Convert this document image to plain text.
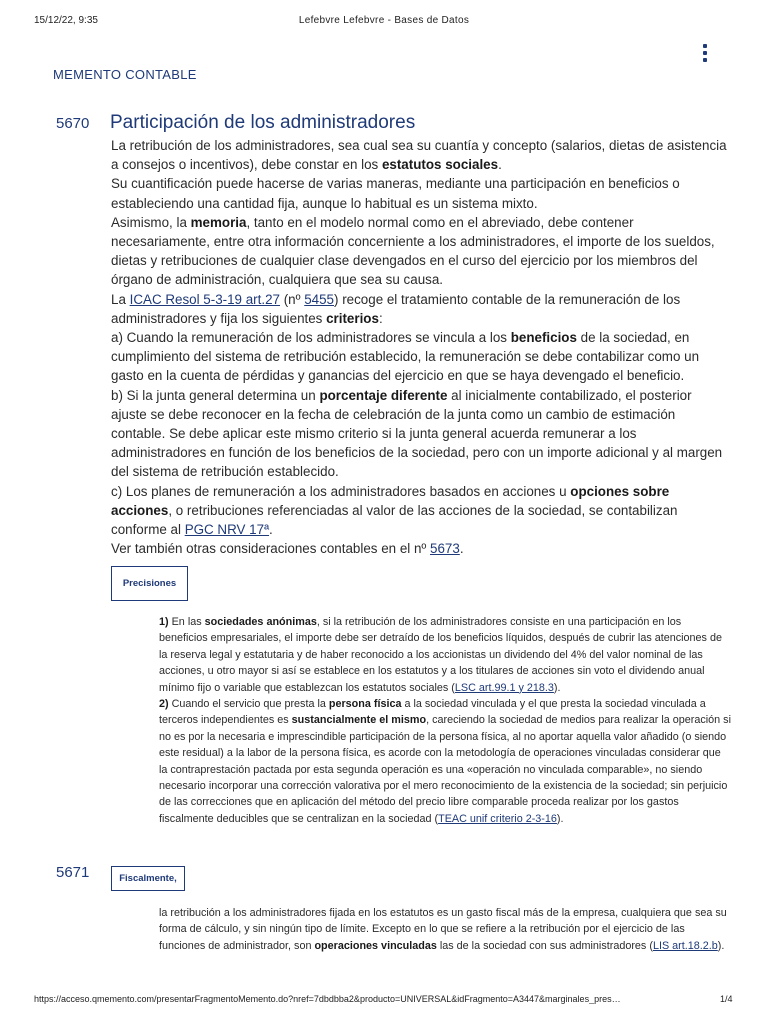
15/12/22, 9:35	Lefebvre Lefebvre - Bases de Datos
MEMENTO CONTABLE
5670 Participación de los administradores

La retribución de los administradores, sea cual sea su cuantía y concepto (salarios, dietas de asistencia a consejos o incentivos), debe constar en los estatutos sociales.

Su cuantificación puede hacerse de varias maneras, mediante una participación en beneficios o estableciendo una cantidad fija, aunque lo habitual es un sistema mixto.

Asimismo, la memoria, tanto en el modelo normal como en el abreviado, debe contener necesariamente, entre otra información concerniente a los administradores, el importe de los sueldos, dietas y retribuciones de cualquier clase devengados en el curso del ejercicio por los miembros del órgano de administración, cualquiera que sea su causa.

La ICAC Resol 5-3-19 art.27 (nº 5455) recoge el tratamiento contable de la remuneración de los administradores y fija los siguientes criterios:

a) Cuando la remuneración de los administradores se vincula a los beneficios de la sociedad, en cumplimiento del sistema de retribución establecido, la remuneración se debe contabilizar como un gasto en la cuenta de pérdidas y ganancias del ejercicio en que se haya devengado el beneficio.

b) Si la junta general determina un porcentaje diferente al inicialmente contabilizado, el posterior ajuste se debe reconocer en la fecha de celebración de la junta como un cambio de estimación contable. Se debe aplicar este mismo criterio si la junta general acuerda remunerar a los administradores en función de los beneficios de la sociedad, pero con un importe adicional y al margen del sistema de retribución establecido.

c) Los planes de remuneración a los administradores basados en acciones u opciones sobre acciones, o retribuciones referenciadas al valor de las acciones de la sociedad, se contabilizan conforme al PGC NRV 17ª.

Ver también otras consideraciones contables en el nº 5673.

Precisiones

1) En las sociedades anónimas, si la retribución de los administradores consiste en una participación en los beneficios empresariales, el importe debe ser detraído de los beneficios líquidos, después de cubrir las atenciones de la reserva legal y estatutaria y de haber reconocido a los accionistas un dividendo del 4% del valor nominal de las acciones, u otro mayor si así se establece en los estatutos y a los titulares de acciones sin voto el dividendo anual mínimo fijo o variable que establezcan los estatutos sociales (LSC art.99.1 y 218.3).

2) Cuando el servicio que presta la persona física a la sociedad vinculada y el que presta la sociedad vinculada a terceros independientes es sustancialmente el mismo, careciendo la sociedad de medios para realizar la operación si no es por la necesaria e imprescindible participación de la persona física, al no aportar aquella valor añadido (o siendo este residual) a la labor de la persona física, es acorde con la metodología de operaciones vinculadas considerar que la contraprestación pactada por esta segunda operación es una «operación no vinculada comparable», no siendo necesario incorporar una corrección valorativa por el mero reconocimiento de la existencia de la sociedad; sin perjuicio de las correcciones que en aplicación del método del precio libre comparable proceda realizar por los gastos fiscalmente deducibles que se centralizan en la sociedad (TEAC unif criterio 2-3-16).

5671	Fiscalmente,

la retribución a los administradores fijada en los estatutos es un gasto fiscal más de la empresa, cualquiera que sea su forma de cálculo, y sin ningún tipo de límite. Excepto en lo que se refiere a la retribución por el ejercicio de las funciones de administrador, son operaciones vinculadas las de la sociedad con sus administradores (LIS art.18.2.b).

https://acceso.qmemento.com/presentarFragmentoMemento.do?nref=7dbdbba2&producto=UNIVERSAL&idFragmento=A3447&marginales_pres…	1/4
